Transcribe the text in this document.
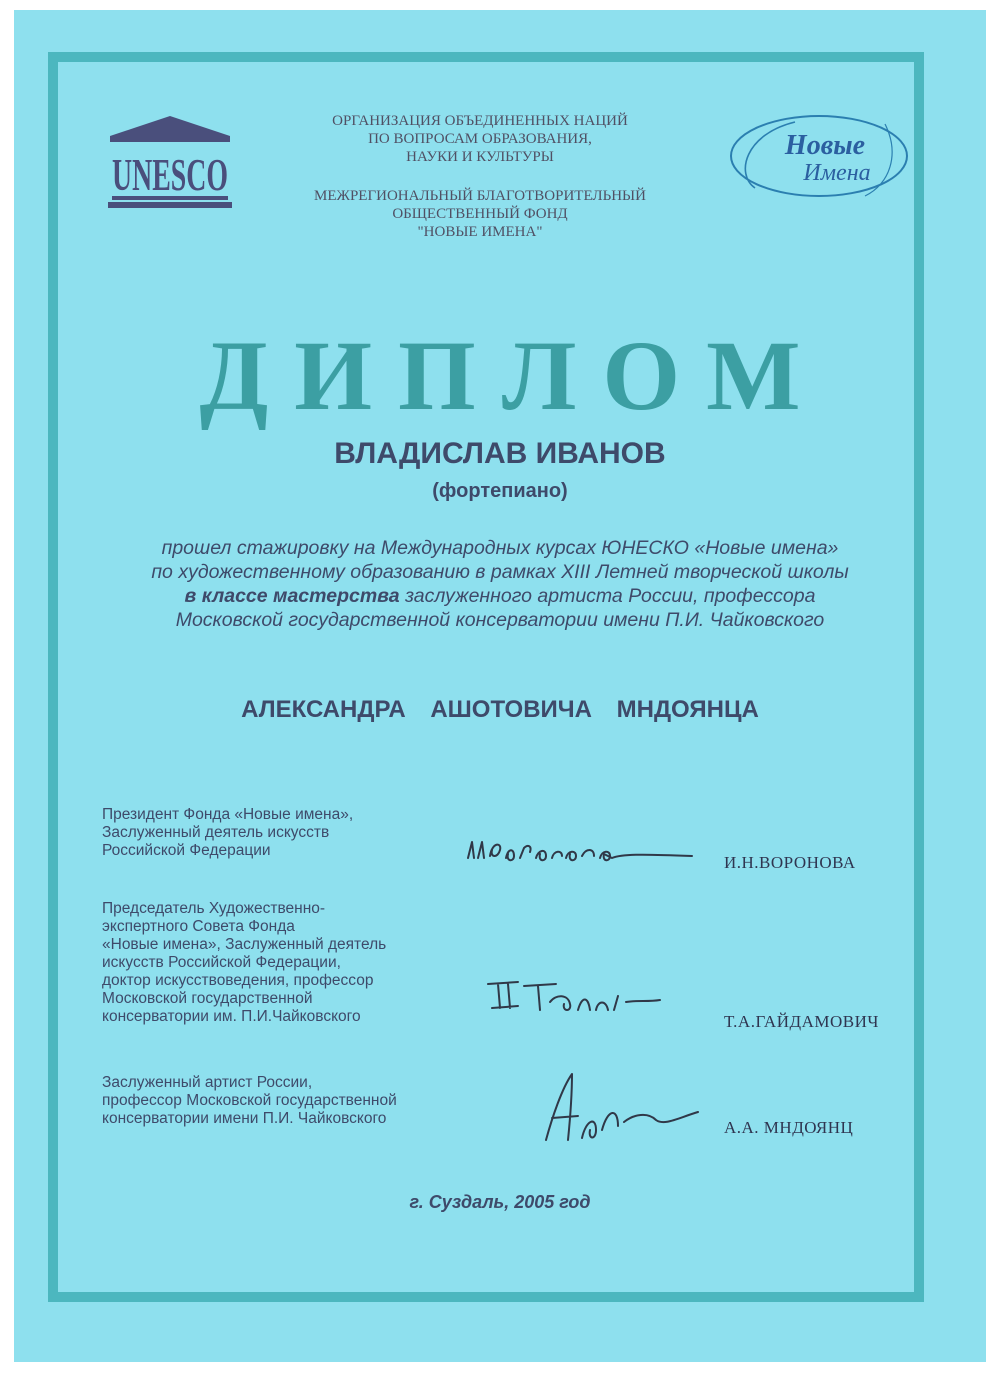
UNESCO
ОРГАНИЗАЦИЯ ОБЪЕДИНЕННЫХ НАЦИЙ
ПО ВОПРОСАМ ОБРАЗОВАНИЯ,
НАУКИ И КУЛЬТУРЫ
МЕЖРЕГИОНАЛЬНЫЙ БЛАГОТВОРИТЕЛЬНЫЙ
ОБЩЕСТВЕННЫЙ ФОНД
"НОВЫЕ ИМЕНА"
Новые
Имена
ДИПЛОМ
ВЛАДИСЛАВ ИВАНОВ
(фортепиано)
прошел стажировку на Международных курсах ЮНЕСКО «Новые имена»
по художественному образованию в рамках XIII Летней творческой школы
в классе мастерства заслуженного артиста России, профессора
Московской государственной консерватории имени П.И. Чайковского
АЛЕКСАНДРА АШОТОВИЧА МНДОЯНЦА
Президент Фонда «Новые имена»,
Заслуженный деятель искусств
Российской Федерации
И.Н.ВОРОНОВА
Председатель Художественно-
экспертного Совета Фонда
«Новые имена», Заслуженный деятель
искусств Российской Федерации,
доктор искусствоведения, профессор
Московской государственной
консерватории им. П.И.Чайковского	Т.А.ГАЙДАМОВИЧ
Заслуженный артист России,
профессор Московской государственной
консерватории имени П.И. Чайковского	А.А. МНДОЯНЦ
г. Суздаль, 2005 год
